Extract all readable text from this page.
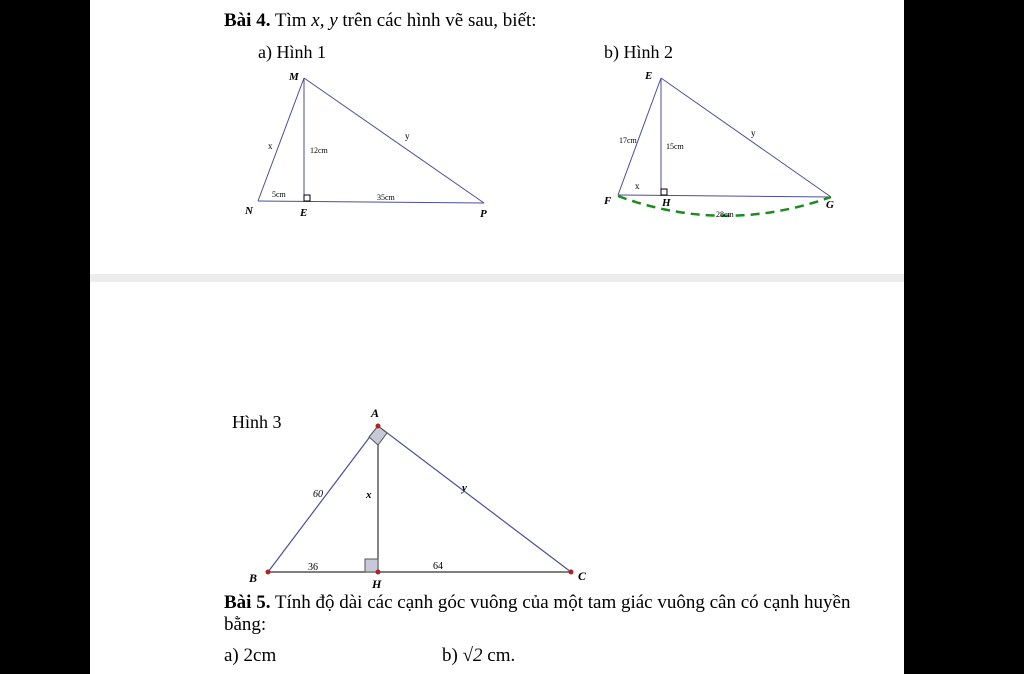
Bài 4. Tìm x, y trên các hình vẽ sau, biết:
a) Hình 1	b) Hình 2
Hình 3
M
N	E	P
x
y
12cm
5cm	35cm
E
F	H	G
17cm
15cm
x
y
28cm
A
B	H
C
60	x
y
36	64
Bài 5. Tính độ dài các cạnh góc vuông của một tam giác vuông cân có cạnh huyền
bằng:
a) 2cm	b) √2 cm.
